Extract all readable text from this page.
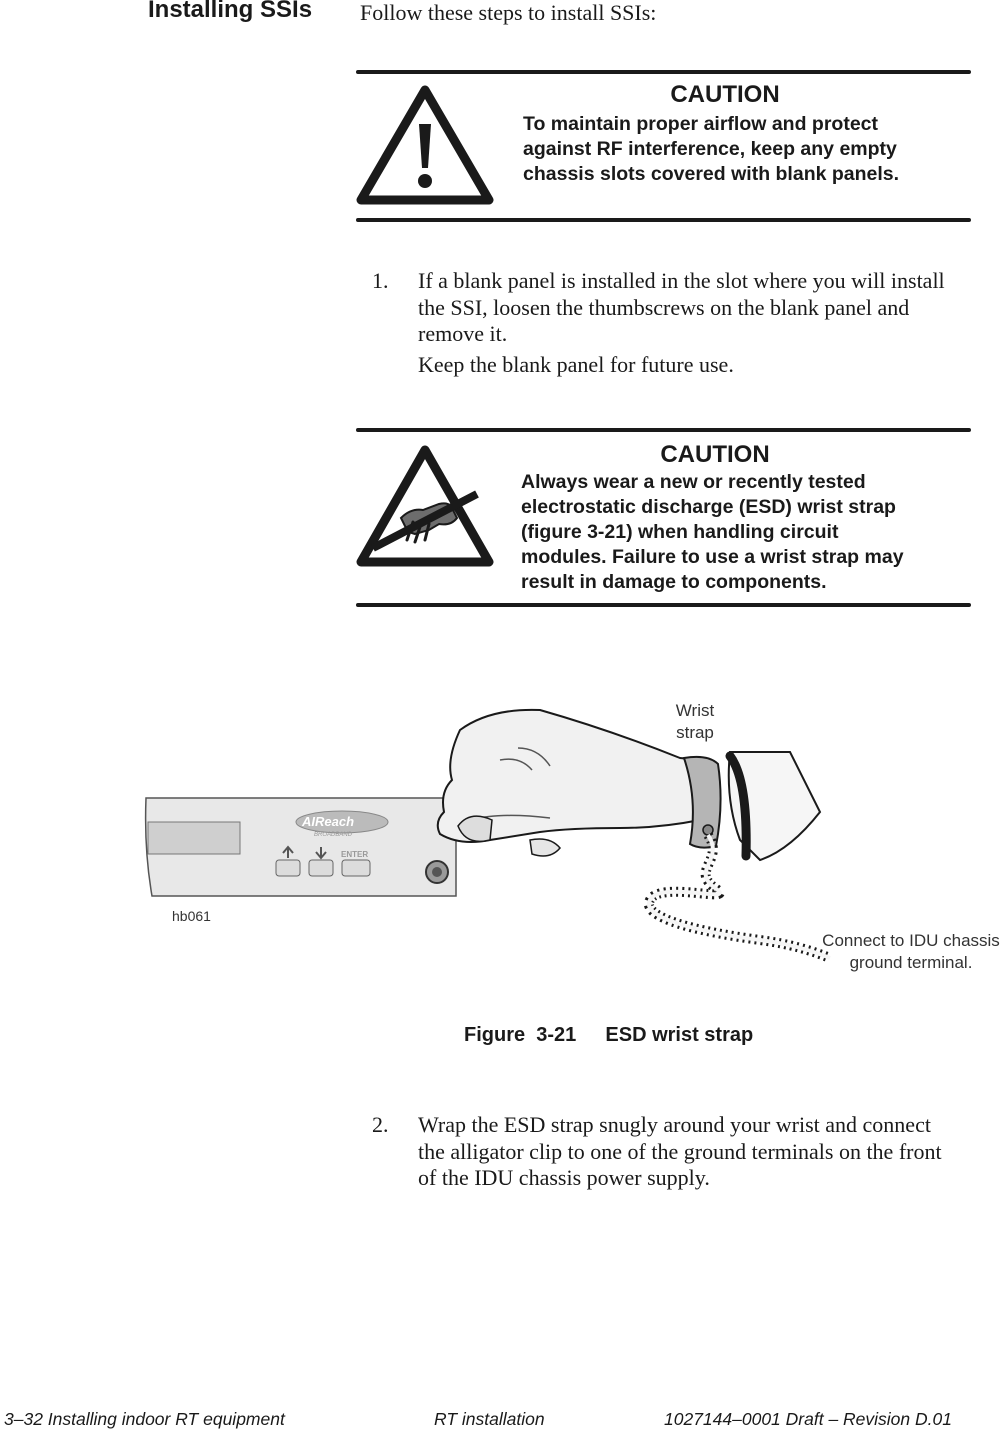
Installing SSIs Follow these steps to install SSIs:
CAUTION
To maintain proper airflow and protect
against RF interference, keep any empty
chassis slots covered with blank panels.
1. If a blank panel is installed in the slot where you will install
the SSI, loosen the thumbscrews on the blank panel and
remove it.
Keep the blank panel for future use.
CAUTION
Always wear a new or recently tested
electrostatic discharge (ESD) wrist strap
(figure 3-21) when handling circuit
modules. Failure to use a wrist strap may
result in damage to components.
ENTER
AIReach
BROADBAND
Wrist
strap
Connect to IDU chassis
ground terminal.
hb061
Figure  3-21 ESD wrist strap
2. Wrap the ESD strap snugly around your wrist and connect
the alligator clip to one of the ground terminals on the front
of the IDU chassis power supply.
3–32 Installing indoor RT equipment	RT installation	1027144–0001 Draft – Revision D.01
